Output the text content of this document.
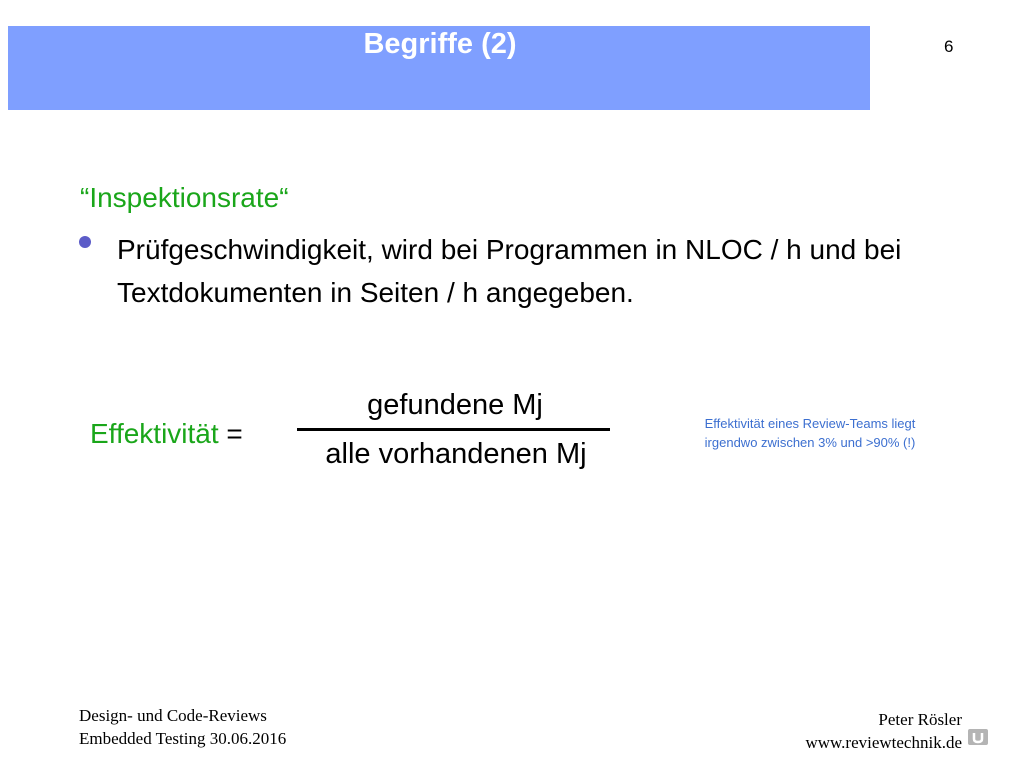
Begriffe (2)	6
“Inspektionsrate“
Prüfgeschwindigkeit, wird bei Programmen in NLOC / h und bei Textdokumenten in Seiten / h angegeben.
Effektivität =
gefundene Mj
alle vorhandenen Mj
Effektivität eines Review-Teams liegt
irgendwo zwischen 3% und >90% (!)
Design- und Code-Reviews
Embedded Testing 30.06.2016
Peter Rösler
www.reviewtechnik.de
